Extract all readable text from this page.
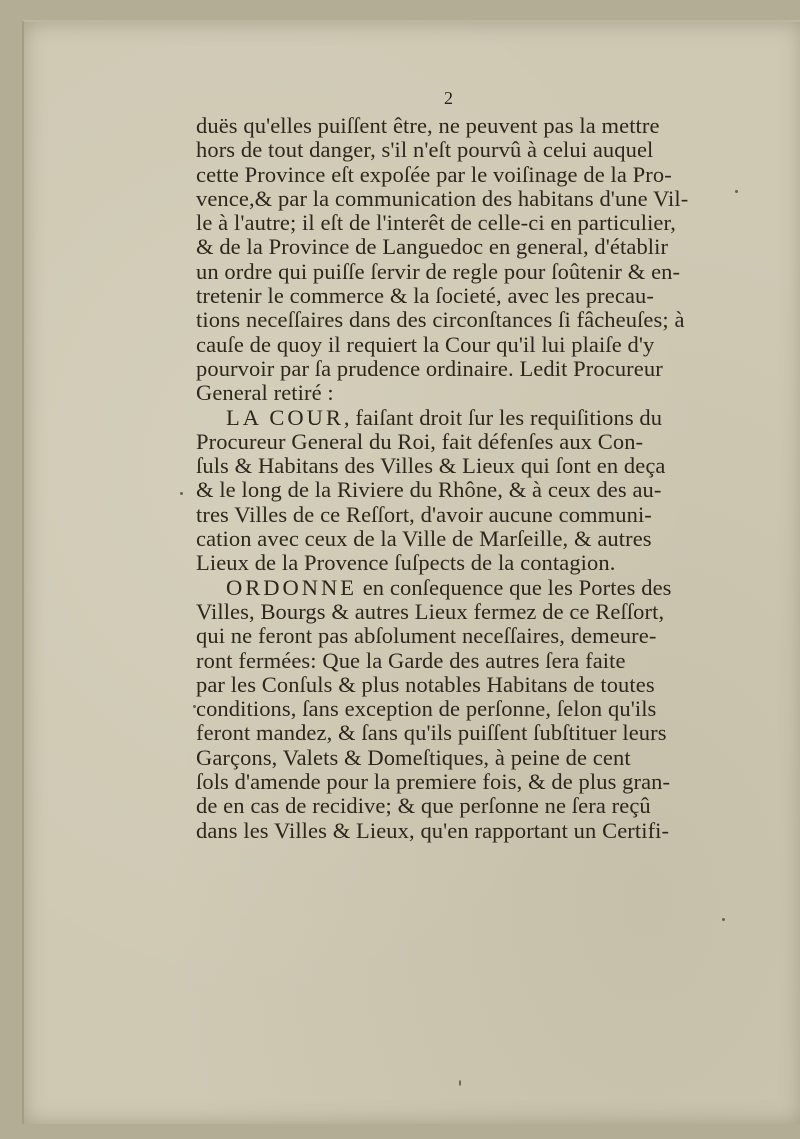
2
duës qu'elles puiſſent être, ne peuvent pas la mettre
hors de tout danger, s'il n'eſt pourvû à celui auquel
cette Province eſt expoſée par le voiſinage de la Pro-
vence,& par la communication des habitans d'une Vil-
le à l'autre; il eſt de l'interêt de celle-ci en particulier,
& de la Province de Languedoc en general, d'établir
un ordre qui puiſſe ſervir de regle pour ſoûtenir & en-
tretenir le commerce & la ſocieté, avec les precau-
tions neceſſaires dans des circonſtances ſi fâcheuſes; à
cauſe de quoy il requiert la Cour qu'il lui plaiſe d'y
pourvoir par ſa prudence ordinaire. Ledit Procureur
General retiré :
LA COUR, faiſant droit ſur les requiſitions du
Procureur General du Roi, fait défenſes aux Con-
ſuls & Habitans des Villes & Lieux qui ſont en deça
& le long de la Riviere du Rhône, & à ceux des au-
tres Villes de ce Reſſort, d'avoir aucune communi-
cation avec ceux de la Ville de Marſeille, & autres
Lieux de la Provence ſuſpects de la contagion.
ORDONNE en conſequence que les Portes des
Villes, Bourgs & autres Lieux fermez de ce Reſſort,
qui ne feront pas abſolument neceſſaires, demeure-
ront fermées: Que la Garde des autres ſera faite
par les Conſuls & plus notables Habitans de toutes
conditions, ſans exception de perſonne, ſelon qu'ils
feront mandez, & ſans qu'ils puiſſent ſubſtituer leurs
Garçons, Valets & Domeſtiques, à peine de cent
ſols d'amende pour la premiere fois, & de plus gran-
de en cas de recidive; & que perſonne ne ſera reçû
dans les Villes & Lieux, qu'en rapportant un Certifi-
